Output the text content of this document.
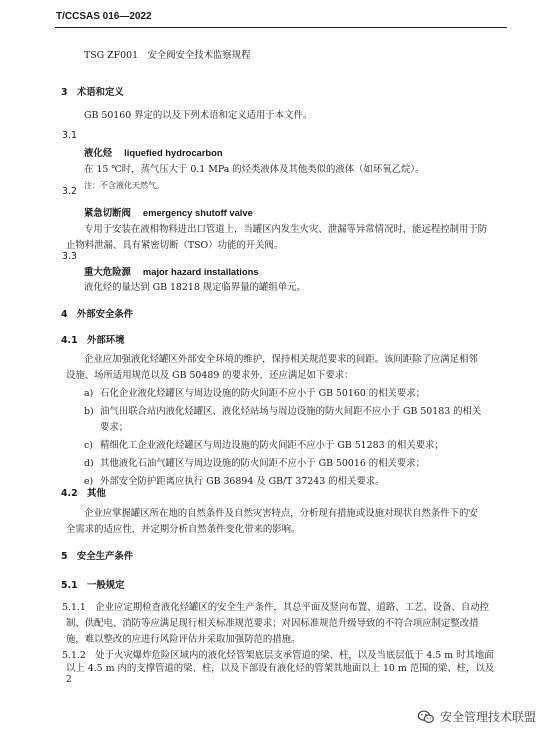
T/CCSAS 016—2022
TSG ZF001　安全阀安全技术监察规程
3　术语和定义
GB 50160 界定的以及下列术语和定义适用于本文件。
3.1
液化烃 liquefied hydrocarbon
在 15 ℃时，蒸气压大于 0.1 MPa 的烃类液体及其他类似的液体（如环氧乙烷）。
注：不含液化天然气。
3.2
紧急切断阀 emergency shutoff valve
专用于安装在液相物料进出口管道上，当罐区内发生火灾、泄漏等异常情况时，能远程控制用于防
止物料泄漏、具有紧密切断（TSO）功能的开关阀。
3.3
重大危险源 major hazard installations
液化烃的量达到 GB 18218 规定临界量的罐组单元。
4　外部安全条件
4.1　外部环境
企业应加强液化烃罐区外部安全环境的维护，保持相关规范要求的间距。该间距除了应满足相邻
设施、场所适用规范以及 GB 50489 的要求外，还应满足如下要求：
a) 石化企业液化烃罐区与周边设施的防火间距不应小于 GB 50160 的相关要求；
b) 油气田联合站内液化烃罐区、液化烃站场与周边设施的防火间距不应小于 GB 50183 的相关
要求；
c) 精细化工企业液化烃罐区与周边设施的防火间距不应小于 GB 51283 的相关要求；
d) 其他液化石油气罐区与周边设施的防火间距不应小于 GB 50016 的相关要求；
e) 外部安全防护距离应执行 GB 36894 及 GB/T 37243 的相关要求。
4.2　其他
企业应掌握罐区所在地的自然条件及自然灾害特点，分析现有措施或设施对现状自然条件下的安
全需求的适应性，并定期分析自然条件变化带来的影响。
5　安全生产条件
5.1　一般规定
5.1.1　企业应定期检查液化烃罐区的安全生产条件，其总平面及竖向布置、道路、工艺、设备、自动控
制、供配电、消防等应满足现行相关标准规范要求；对因标准规范升级导致的不符合项应制定整改措
施，难以整改的应进行风险评估并采取加强防范的措施。
5.1.2　处于火灾爆炸危险区域内的液化烃管架底层支承管道的梁、柱，以及当底层低于 4.5 m 时其地面
以上 4.5 m 内的支撑管道的梁、柱，以及下部设有液化烃的管架其地面以上 10 m 范围的梁、柱，以及
2
安全管理技术联盟
